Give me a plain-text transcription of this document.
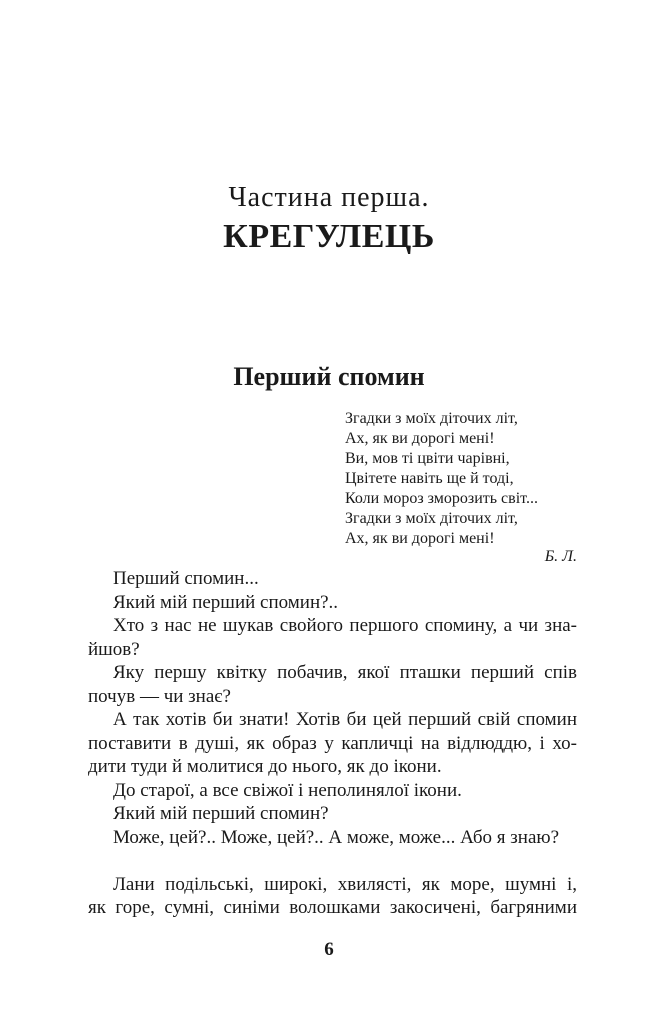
Частина перша.
КРЕГУЛЕЦЬ
Перший спомин
Згадки з моїх діточих літ,
Ах, як ви дорогі мені!
Ви, мов ті цвіти чарівні,
Цвітете навіть ще й тоді,
Коли мороз зморозить світ...
Згадки з моїх діточих літ,
Ах, як ви дорогі мені!
Б. Л.
Перший спомин...
Який мій перший спомин?..
Хто з нас не шукав свойого першого спомину, а чи зна-
йшов?
Яку першу квітку побачив, якої пташки перший спів
почув — чи знає?
А так хотів би знати! Хотів би цей перший свій спомин
поставити в душі, як образ у капличці на відлюддю, і хо-
дити туди й молитися до нього, як до ікони.
До старої, а все свіжої і неполинялої ікони.
Який мій перший спомин?
Може, цей?.. Може, цей?.. А може, може... Або я знаю?
Лани подільські, широкі, хвилясті, як море, шумні і,
як горе, сумні, синіми волошками закосичені, багряними
6
